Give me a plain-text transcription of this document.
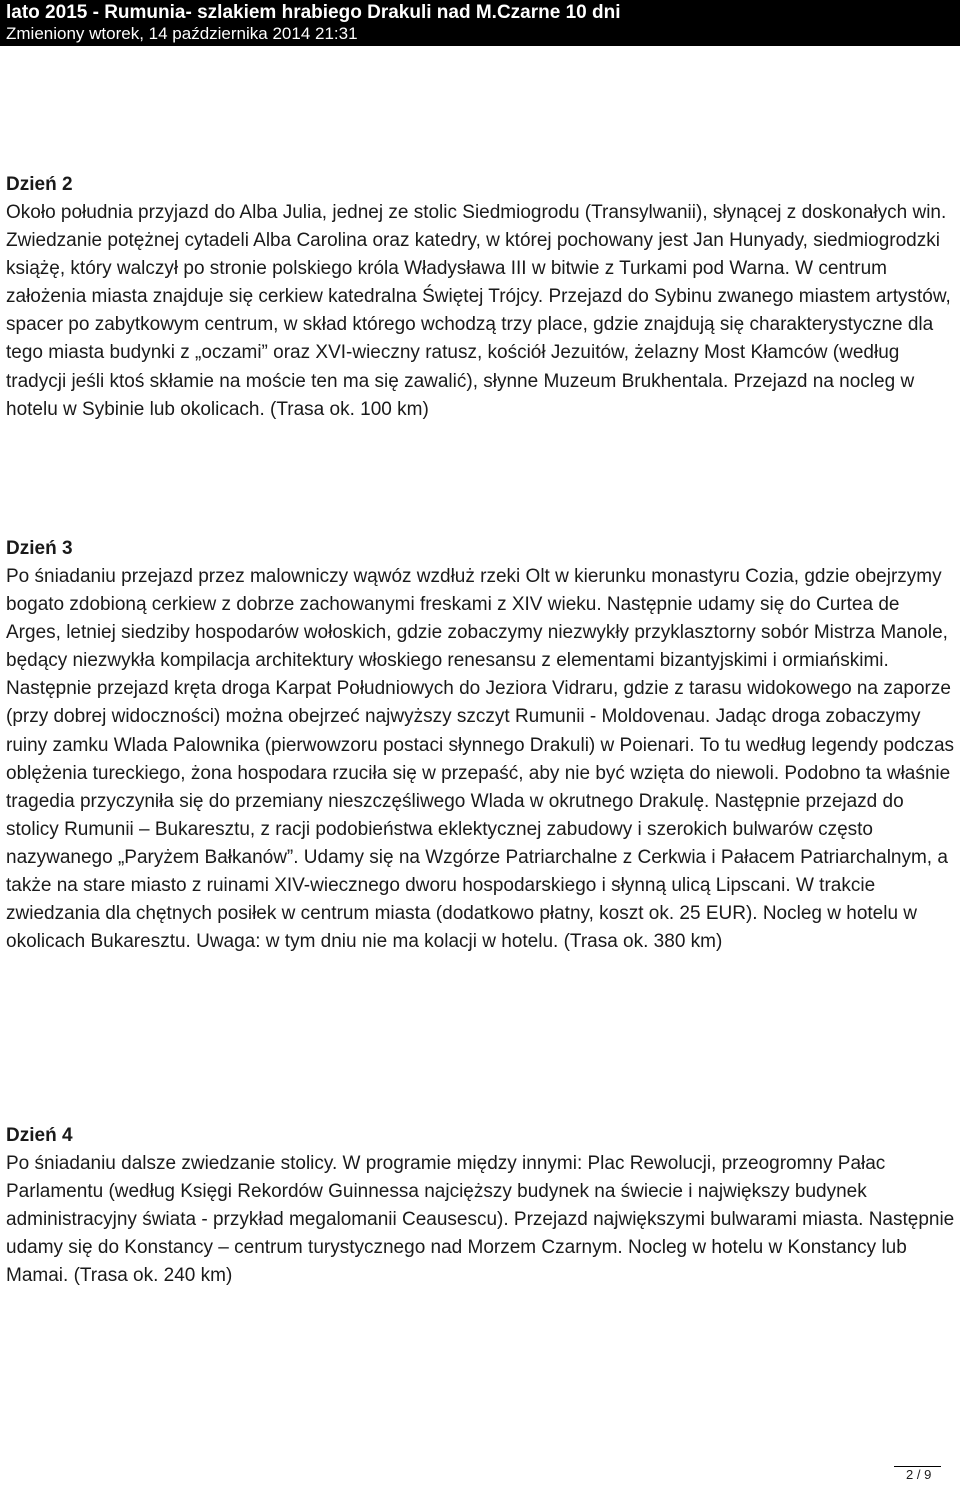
lato 2015 - Rumunia- szlakiem hrabiego Drakuli nad M.Czarne 10 dni
Zmieniony wtorek, 14 października 2014 21:31

Dzień 2

Około południa przyjazd do Alba Julia, jednej ze stolic Siedmiogrodu (Transylwanii), słynącej z doskonałych win. Zwiedzanie potężnej cytadeli Alba Carolina oraz katedry, w której pochowany jest Jan Hunyady, siedmiogrodzki książę, który walczył po stronie polskiego króla Władysława III w bitwie z Turkami pod Warna. W centrum założenia miasta znajduje się cerkiew katedralna Świętej Trójcy. Przejazd do Sybinu zwanego miastem artystów, spacer po zabytkowym centrum, w skład którego wchodzą trzy place, gdzie znajdują się charakterystyczne dla tego miasta budynki z „oczami” oraz XVI-wieczny ratusz, kościół Jezuitów, żelazny Most Kłamców (według tradycji jeśli ktoś skłamie na moście ten ma się zawalić), słynne Muzeum Brukhentala. Przejazd na nocleg w hotelu w Sybinie lub okolicach. (Trasa ok. 100 km)

Dzień 3

Po śniadaniu przejazd przez malowniczy wąwóz wzdłuż rzeki Olt w kierunku monastyru Cozia, gdzie obejrzymy bogato zdobioną cerkiew z dobrze zachowanymi freskami z XIV wieku. Następnie udamy się do Curtea de Arges, letniej siedziby hospodarów wołoskich, gdzie zobaczymy niezwykły przyklasztorny sobór Mistrza Manole, będący niezwykła kompilacja architektury włoskiego renesansu z elementami bizantyjskimi i ormiańskimi. Następnie przejazd kręta droga Karpat Południowych do Jeziora Vidraru, gdzie z tarasu widokowego na zaporze (przy dobrej widoczności) można obejrzeć najwyższy szczyt Rumunii - Moldovenau. Jadąc droga zobaczymy ruiny zamku Wlada Palownika (pierwowzoru postaci słynnego Drakuli) w Poienari. To tu według legendy podczas oblężenia tureckiego, żona hospodara rzuciła się w przepaść, aby nie być wzięta do niewoli. Podobno ta właśnie tragedia przyczyniła się do przemiany nieszczęśliwego Wlada w okrutnego Drakulę. Następnie przejazd do stolicy Rumunii – Bukaresztu, z racji podobieństwa eklektycznej zabudowy i szerokich bulwarów często nazywanego „Paryżem Bałkanów”. Udamy się na Wzgórze Patriarchalne z Cerkwia i Pałacem Patriarchalnym, a także na stare miasto z ruinami XIV-wiecznego dworu hospodarskiego i słynną ulicą Lipscani. W trakcie zwiedzania dla chętnych posiłek w centrum miasta (dodatkowo płatny, koszt ok. 25 EUR). Nocleg w hotelu w okolicach Bukaresztu. Uwaga: w tym dniu nie ma kolacji w hotelu. (Trasa ok. 380 km)

Dzień 4

Po śniadaniu dalsze zwiedzanie stolicy. W programie między innymi: Plac Rewolucji, przeogromny Pałac Parlamentu (według Księgi Rekordów Guinnessa najcięższy budynek na świecie i największy budynek administracyjny świata - przykład megalomanii Ceausescu). Przejazd największymi bulwarami miasta. Następnie udamy się do Konstancy – centrum turystycznego nad Morzem Czarnym. Nocleg w hotelu w Konstancy lub Mamai. (Trasa ok. 240 km)

2 / 9
